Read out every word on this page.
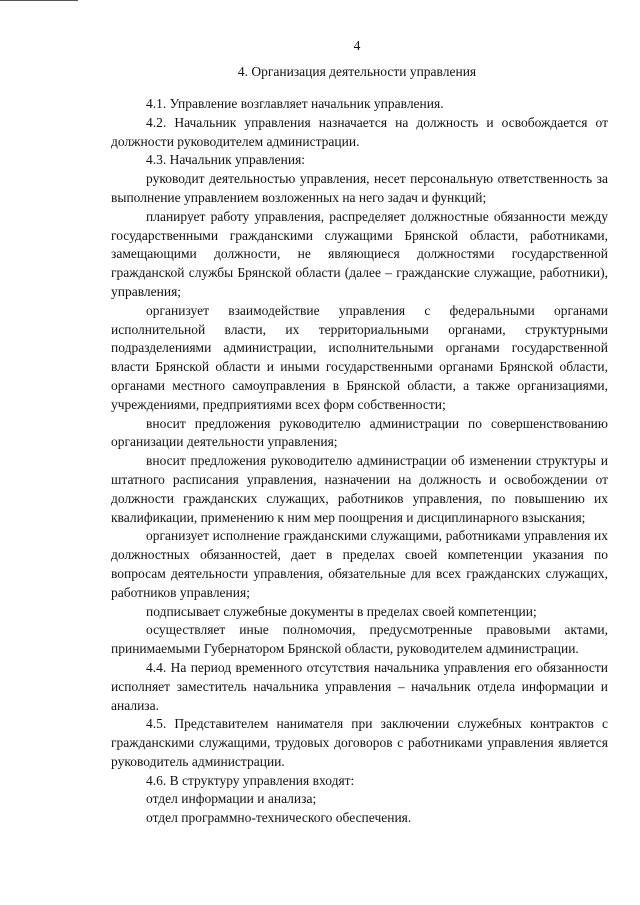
4
4. Организация деятельности управления

4.1. Управление возглавляет начальник управления.

4.2. Начальник управления назначается на должность и освобождается от должности руководителем администрации.

4.3. Начальник управления:

руководит деятельностью управления, несет персональную ответственность за выполнение управлением возложенных на него задач и функций;

планирует работу управления, распределяет должностные обязанности между государственными гражданскими служащими Брянской области, работниками, замещающими должности, не являющиеся должностями государственной гражданской службы Брянской области (далее – гражданские служащие, работники), управления;

организует взаимодействие управления с федеральными органами исполнительной власти, их территориальными органами, структурными подразделениями администрации, исполнительными органами государственной власти Брянской области и иными государственными органами Брянской области, органами местного самоуправления в Брянской области, а также организациями, учреждениями, предприятиями всех форм собственности;

вносит предложения руководителю администрации по совершенствованию организации деятельности управления;

вносит предложения руководителю администрации об изменении структуры и штатного расписания управления, назначении на должность и освобождении от должности гражданских служащих, работников управления, по повышению их квалификации, применению к ним мер поощрения и дисциплинарного взыскания;

организует исполнение гражданскими служащими, работниками управления их должностных обязанностей, дает в пределах своей компетенции указания по вопросам деятельности управления, обязательные для всех гражданских служащих, работников управления;

подписывает служебные документы в пределах своей компетенции;

осуществляет иные полномочия, предусмотренные правовыми актами, принимаемыми Губернатором Брянской области, руководителем администрации.

4.4. На период временного отсутствия начальника управления его обязанности исполняет заместитель начальника управления – начальник отдела информации и анализа.

4.5. Представителем нанимателя при заключении служебных контрактов с гражданскими служащими, трудовых договоров с работниками управления является руководитель администрации.

4.6. В структуру управления входят:

отдел информации и анализа;

отдел программно-технического обеспечения.
